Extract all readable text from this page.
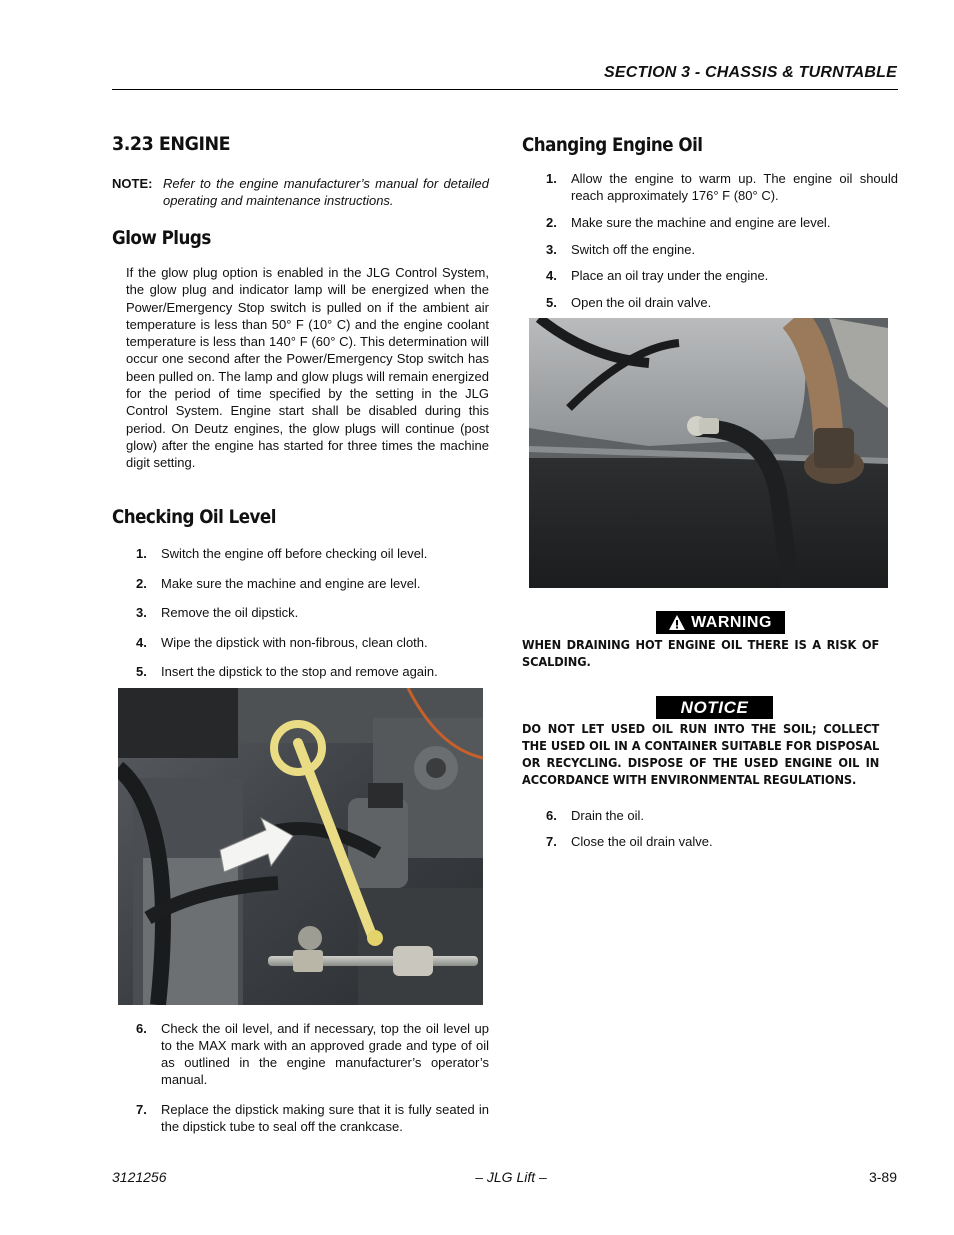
SECTION 3 - CHASSIS & TURNTABLE
3.23 ENGINE
NOTE: Refer to the engine manufacturer’s manual for detailed operating and maintenance instructions.
Glow Plugs
If the glow plug option is enabled in the JLG Control System, the glow plug and indicator lamp will be energized when the Power/Emergency Stop switch is pulled on if the ambient air temperature is less than 50° F (10° C) and the engine coolant temperature is less than 140° F (60° C). This determination will occur one second after the Power/Emergency Stop switch has been pulled on. The lamp and glow plugs will remain energized for the period of time specified by the setting in the JLG Control System. Engine start shall be disabled during this period. On Deutz engines, the glow plugs will continue (post glow) after the engine has started for three times the machine digit setting.
Checking Oil Level
1. Switch the engine off before checking oil level.
2. Make sure the machine and engine are level.
3. Remove the oil dipstick.
4. Wipe the dipstick with non-fibrous, clean cloth.
5. Insert the dipstick to the stop and remove again.
6. Check the oil level, and if necessary, top the oil level up to the MAX mark with an approved grade and type of oil as outlined in the engine manufacturer’s operator’s manual.
7. Replace the dipstick making sure that it is fully seated in the dipstick tube to seal off the crankcase.
Changing Engine Oil
1. Allow the engine to warm up. The engine oil should reach approximately 176° F (80° C).
2. Make sure the machine and engine are level.
3. Switch off the engine.
4. Place an oil tray under the engine.
5. Open the oil drain valve.
6. Drain the oil.
7. Close the oil drain valve.
WARNING
WHEN DRAINING HOT ENGINE OIL THERE IS A RISK OF SCALDING.
NOTICE
DO NOT LET USED OIL RUN INTO THE SOIL; COLLECT THE USED OIL IN A CONTAINER SUITABLE FOR DISPOSAL OR RECYCLING. DISPOSE OF THE USED ENGINE OIL IN ACCORDANCE WITH ENVIRONMENTAL REGULATIONS.
3121256	– JLG Lift –	3-89
